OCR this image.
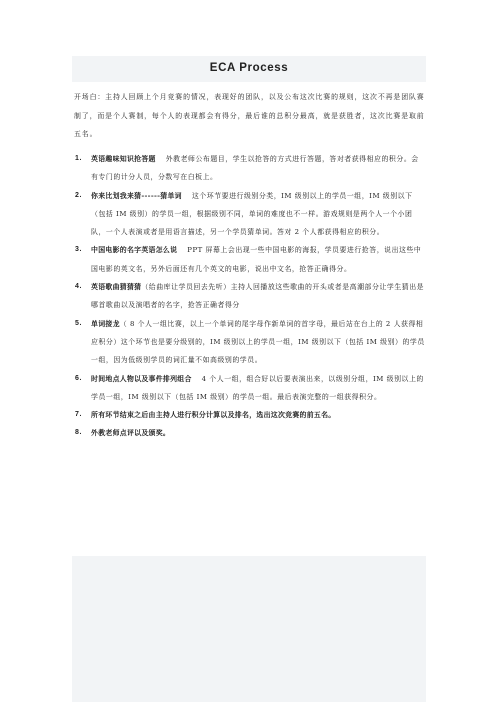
ECA Process

开场白：主持人回顾上个月竞赛的情况，表现好的团队，以及公布这次比赛的规则，这次不再是团队赛制了，而是个人赛制，每个人的表现都会有得分，最后谁的总积分最高，就是获胜者，这次比赛是取前五名。

1. 英语趣味知识抢答题 外教老师公布题目，学生以抢答的方式进行答题，答对者获得相应的积分。会有专门的计分人员，分数写在白板上。
2. 你来比划我来猜------猜单词 这个环节要进行级别分类，IM 级别以上的学员一组，IM 级别以下（包括 IM 级别）的学员一组，根据级别不同，单词的难度也不一样。游戏规则是两个人一个小团队，一个人表演或者是用语言描述，另一个学员猜单词。答对 2 个人都获得相应的积分。
3. 中国电影的名字英语怎么说 PPT 屏幕上会出现一些中国电影的海报，学员要进行抢答，说出这些中国电影的英文名，另外后面还有几个英文的电影，说出中文名，抢答正确得分。
4. 英语歌曲猜猜猜（给曲库让学员回去先听）主持人回播放这些歌曲的开头或者是高潮部分让学生猜出是哪首歌曲以及演唱者的名字，抢答正确者得分
5. 单词接龙（ 8 个人一组比赛，以上一个单词的尾字母作新单词的首字母，最后站在台上的 2 人获得相应积分）这个环节也是要分级别的，IM 级别以上的学员一组，IM 级别以下（包括 IM 级别）的学员一组，因为低级别学员的词汇量不如高级别的学员。
6. 时间地点人物以及事件排列组合 4 个人一组，组合好以后要表演出来，以级别分组，IM 级别以上的学员一组，IM 级别以下（包括 IM 级别）的学员一组。最后表演完整的一组获得积分。
7. 所有环节结束之后由主持人进行积分计算以及排名，选出这次竞赛的前五名。
8. 外教老师点评以及颁奖。
